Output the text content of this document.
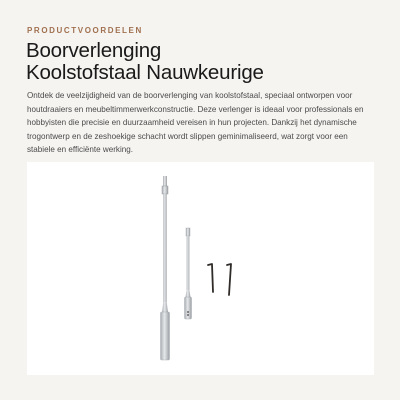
PRODUCTVOORDELEN
Boorverlenging
Koolstofstaal Nauwkeurige

Ontdek de veelzijdigheid van de boorverlenging van koolstofstaal, speciaal ontworpen voor houtdraaiers en meubeltimmerwerkconstructie. Deze verlenger is ideaal voor professionals en hobbyisten die precisie en duurzaamheid vereisen in hun projecten. Dankzij het dynamische trogontwerp en de zeshoekige schacht wordt slippen geminimaliseerd, wat zorgt voor een stabiele en efficiënte werking.
